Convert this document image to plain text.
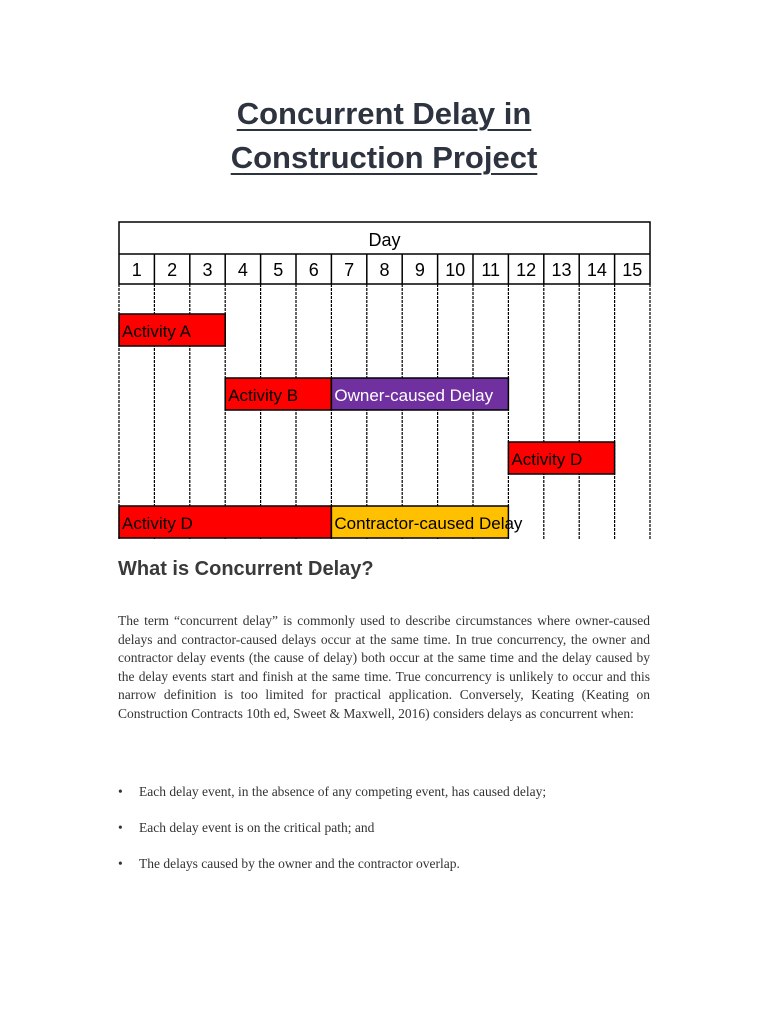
Concurrent Delay in
Construction Project
Day
1 2 3 4 5 6 7 8 9 10 11 12 13 14 15
Activity A
Activity B Owner-caused Delay
Activity D
Activity D	Contractor-caused Delay
What is Concurrent Delay?

The term “concurrent delay” is commonly used to describe circumstances where owner-caused delays and contractor-caused delays occur at the same time. In true concurrency, the owner and contractor delay events (the cause of delay) both occur at the same time and the delay caused by the delay events start and finish at the same time. True concurrency is unlikely to occur and this narrow definition is too limited for practical application. Conversely, Keating (Keating on Construction Contracts 10th ed, Sweet & Maxwell, 2016) considers delays as concurrent when:

• Each delay event, in the absence of any competing event, has caused delay;
• Each delay event is on the critical path; and
• The delays caused by the owner and the contractor overlap.
